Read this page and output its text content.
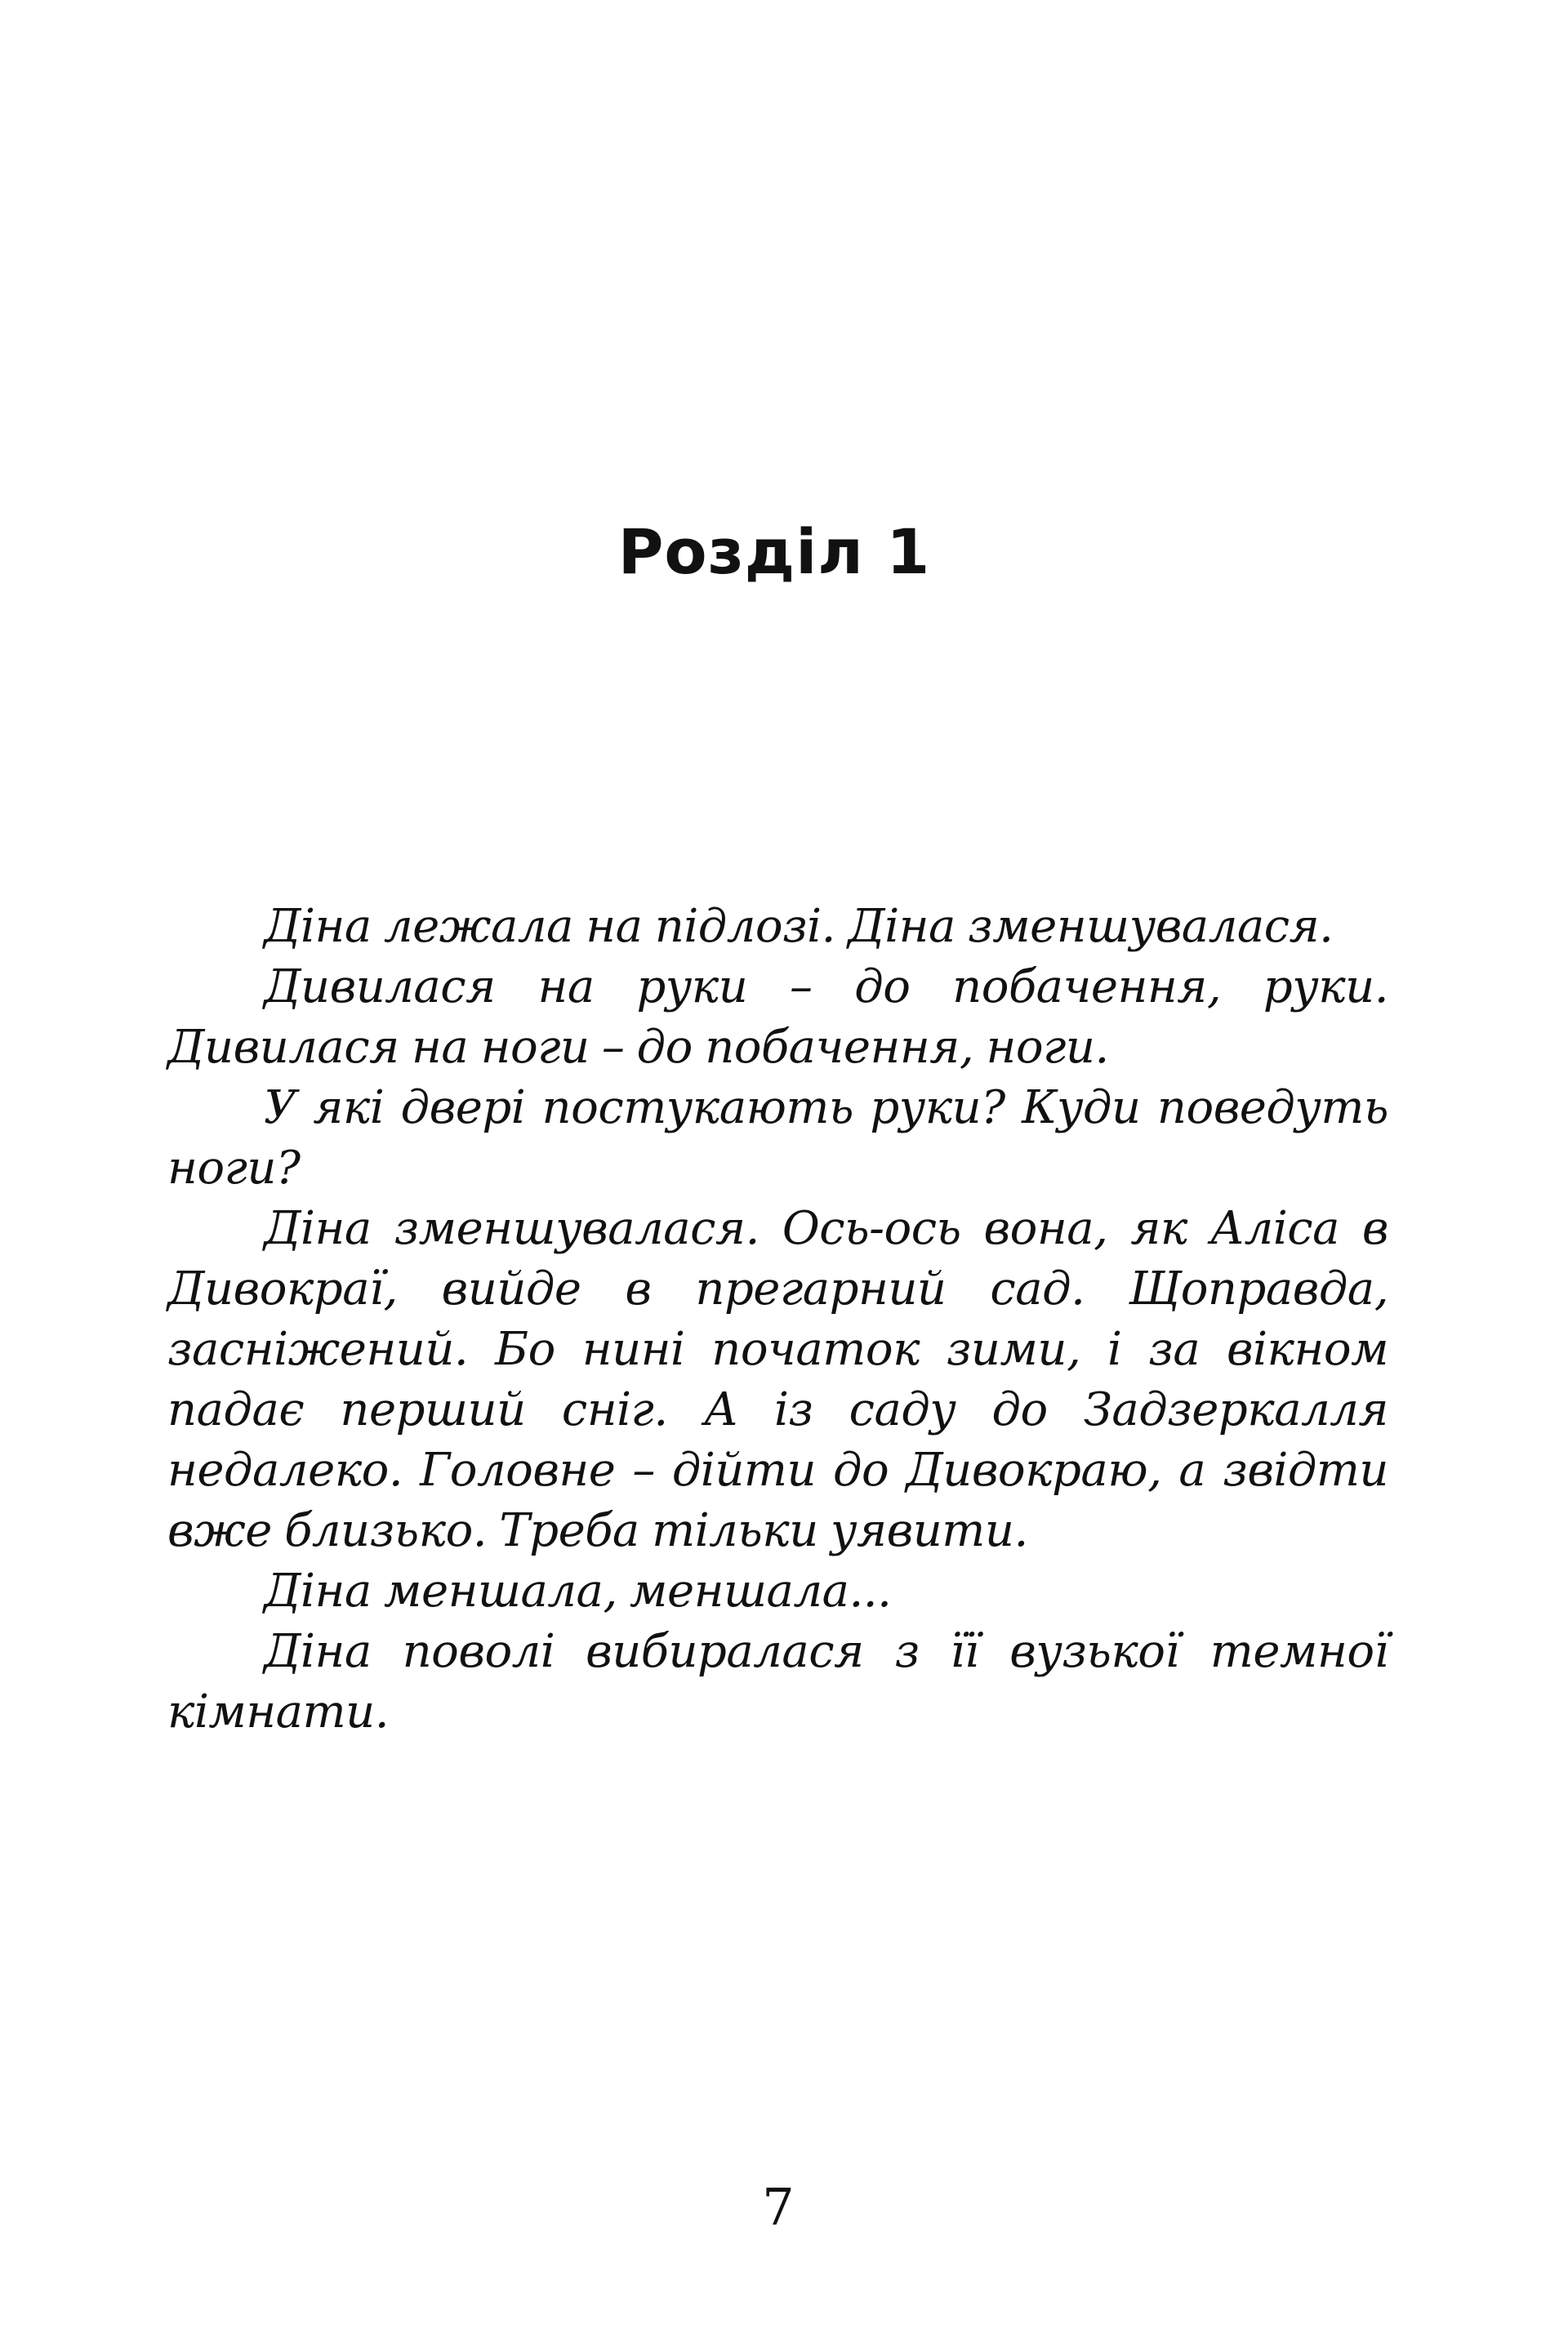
Розділ 1

Діна лежала на підлозі. Діна зменшувалася.

Дивилася на руки – до побачення, руки. Дивилася на ноги – до побачення, ноги.

У які двері постукають руки? Куди поведуть ноги?

Діна зменшувалася. Ось-ось вона, як Аліса в Дивокраї, вийде в прегарний сад. Щоправда, засніжений. Бо нині початок зими, і за вікном падає перший сніг. А із саду до Задзеркалля недалеко. Головне – дійти до Дивокраю, а звідти вже близько. Треба тільки уявити.

Діна меншала, меншала...

Діна поволі вибиралася з її вузької темної кімнати.

7
